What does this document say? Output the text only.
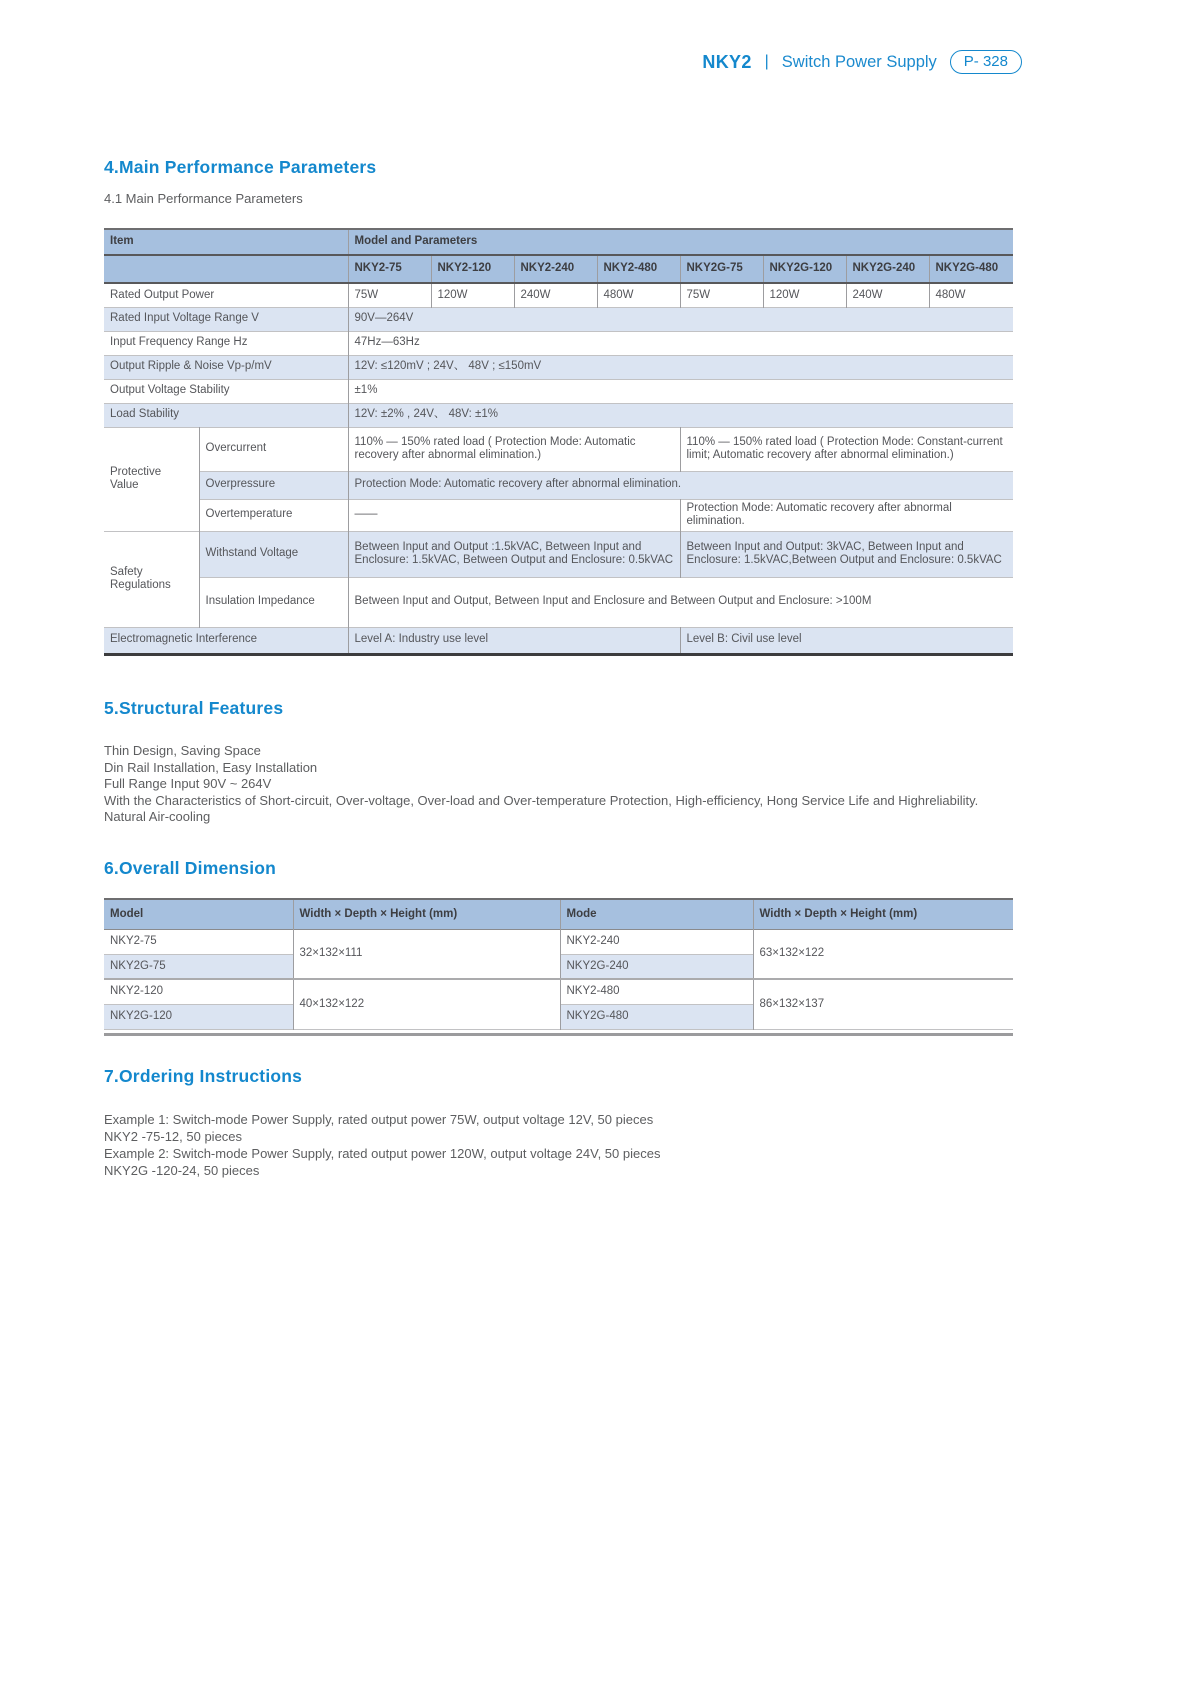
NKY2 | Switch Power Supply	P- 328
4.Main Performance Parameters
4.1 Main Performance Parameters
Item		Model and Parameters							
		NKY2-75	NKY2-120	NKY2-240	NKY2-480	NKY2G-75	NKY2G-120	NKY2G-240	NKY2G-480
Rated Output Power		75W	120W	240W	480W	75W	120W	240W	480W
Rated Input Voltage Range V		90V—264V							
Input Frequency Range Hz		47Hz—63Hz							
Output Ripple & Noise Vp-p/mV		12V: ≤120mV ; 24V、 48V ; ≤150mV							
Output Voltage Stability		±1%							
Load Stability		12V: ±2% , 24V、 48V: ±1%							
Protective Value	Overcurrent	110% — 150% rated load ( Protection Mode: Automatic recovery after abnormal elimination.)				110% — 150% rated load ( Protection Mode: Constant-current limit; Automatic recovery after abnormal elimination.)			
	Overpressure	Protection Mode: Automatic recovery after abnormal elimination.							
	Overtemperature	——				Protection Mode: Automatic recovery after abnormal elimination.			
Safety Regulations	Withstand Voltage	Between Input and Output :1.5kVAC, Between Input and Enclosure: 1.5kVAC, Between Output and Enclosure: 0.5kVAC				Between Input and Output: 3kVAC, Between Input and Enclosure: 1.5kVAC,Between Output and Enclosure: 0.5kVAC			
	Insulation Impedance	Between Input and Output, Between Input and Enclosure and Between Output and Enclosure: >100M							
Electromagnetic Interference		Level A: Industry use level				Level B: Civil use level			
5.Structural Features
Thin Design, Saving Space
Din Rail Installation, Easy Installation
Full Range Input 90V ~ 264V
With the Characteristics of Short-circuit, Over-voltage, Over-load and Over-temperature Protection, High-efficiency, Hong Service Life and Highreliability.
Natural Air-cooling
6.Overall Dimension
Model	Width × Depth × Height (mm)	Mode	Width × Depth × Height (mm)
NKY2-75	32×132×111	NKY2-240	63×132×122
NKY2G-75		NKY2G-240	
NKY2-120	40×132×122	NKY2-480	86×132×137
NKY2G-120		NKY2G-480	
7.Ordering Instructions
Example 1: Switch-mode Power Supply, rated output power 75W, output voltage 12V, 50 pieces
NKY2 -75-12, 50 pieces
Example 2: Switch-mode Power Supply, rated output power 120W, output voltage 24V, 50 pieces
NKY2G -120-24, 50 pieces
